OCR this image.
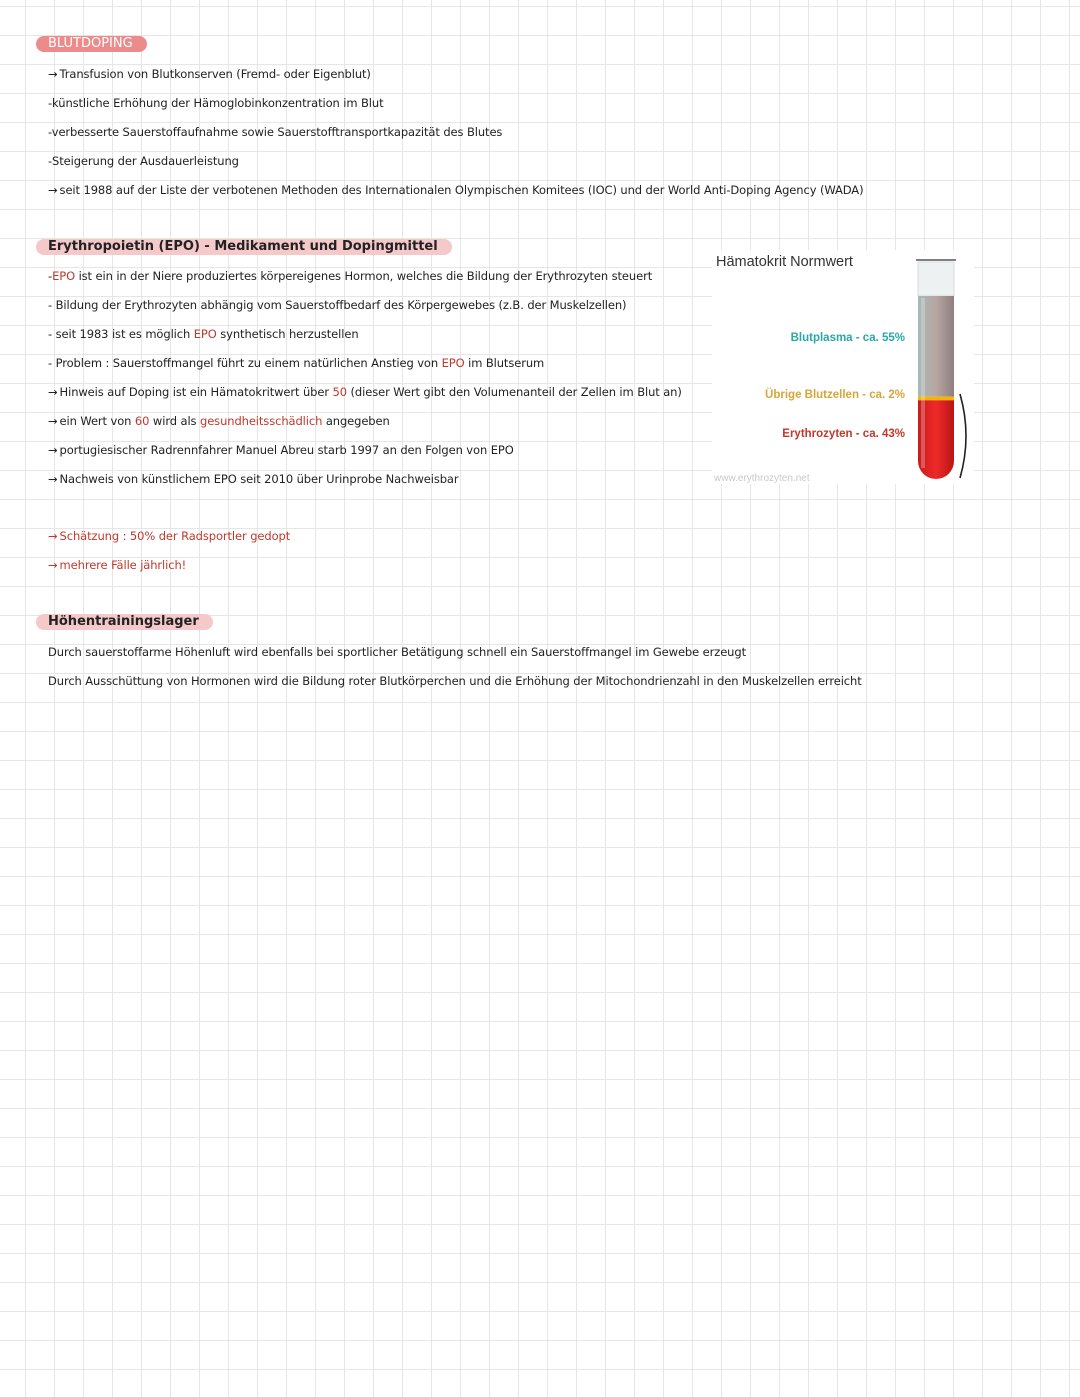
BLUTDOPING
→ Transfusion von Blutkonserven (Fremd- oder Eigenblut)
-künstliche Erhöhung der Hämoglobinkonzentration im Blut
-verbesserte Sauerstoffaufnahme sowie Sauerstofftransportkapazität des Blutes
-Steigerung der Ausdauerleistung
→ seit 1988 auf der Liste der verbotenen Methoden des Internationalen Olympischen Komitees (IOC) und der World Anti-Doping Agency (WADA)
Erythropoietin (EPO) - Medikament und Dopingmittel
-EPO ist ein in der Niere produziertes körpereigenes Hormon, welches die Bildung der Erythrozyten steuert
- Bildung der Erythrozyten abhängig vom Sauerstoffbedarf des Körpergewebes (z.B. der Muskelzellen)
- seit 1983 ist es möglich EPO synthetisch herzustellen
- Problem : Sauerstoffmangel führt zu einem natürlichen Anstieg von EPO im Blutserum
→ Hinweis auf Doping ist ein Hämatokritwert über 50 (dieser Wert gibt den Volumenanteil der Zellen im Blut an)
→ ein Wert von 60 wird als gesundheitsschädlich angegeben
→ portugiesischer Radrennfahrer Manuel Abreu starb 1997 an den Folgen von EPO
→ Nachweis von künstlichem EPO seit 2010 über Urinprobe Nachweisbar
→ Schätzung : 50% der Radsportler gedopt
→ mehrere Fälle jährlich!
Hämatokrit Normwert
Blutplasma - ca. 55%
Übrige Blutzellen - ca. 2%
Erythrozyten - ca. 43%
www.erythrozyten.net
Höhentrainingslager
Durch sauerstoffarme Höhenluft wird ebenfalls bei sportlicher Betätigung schnell ein Sauerstoffmangel im Gewebe erzeugt
Durch Ausschüttung von Hormonen wird die Bildung roter Blutkörperchen und die Erhöhung der Mitochondrienzahl in den Muskelzellen erreicht
